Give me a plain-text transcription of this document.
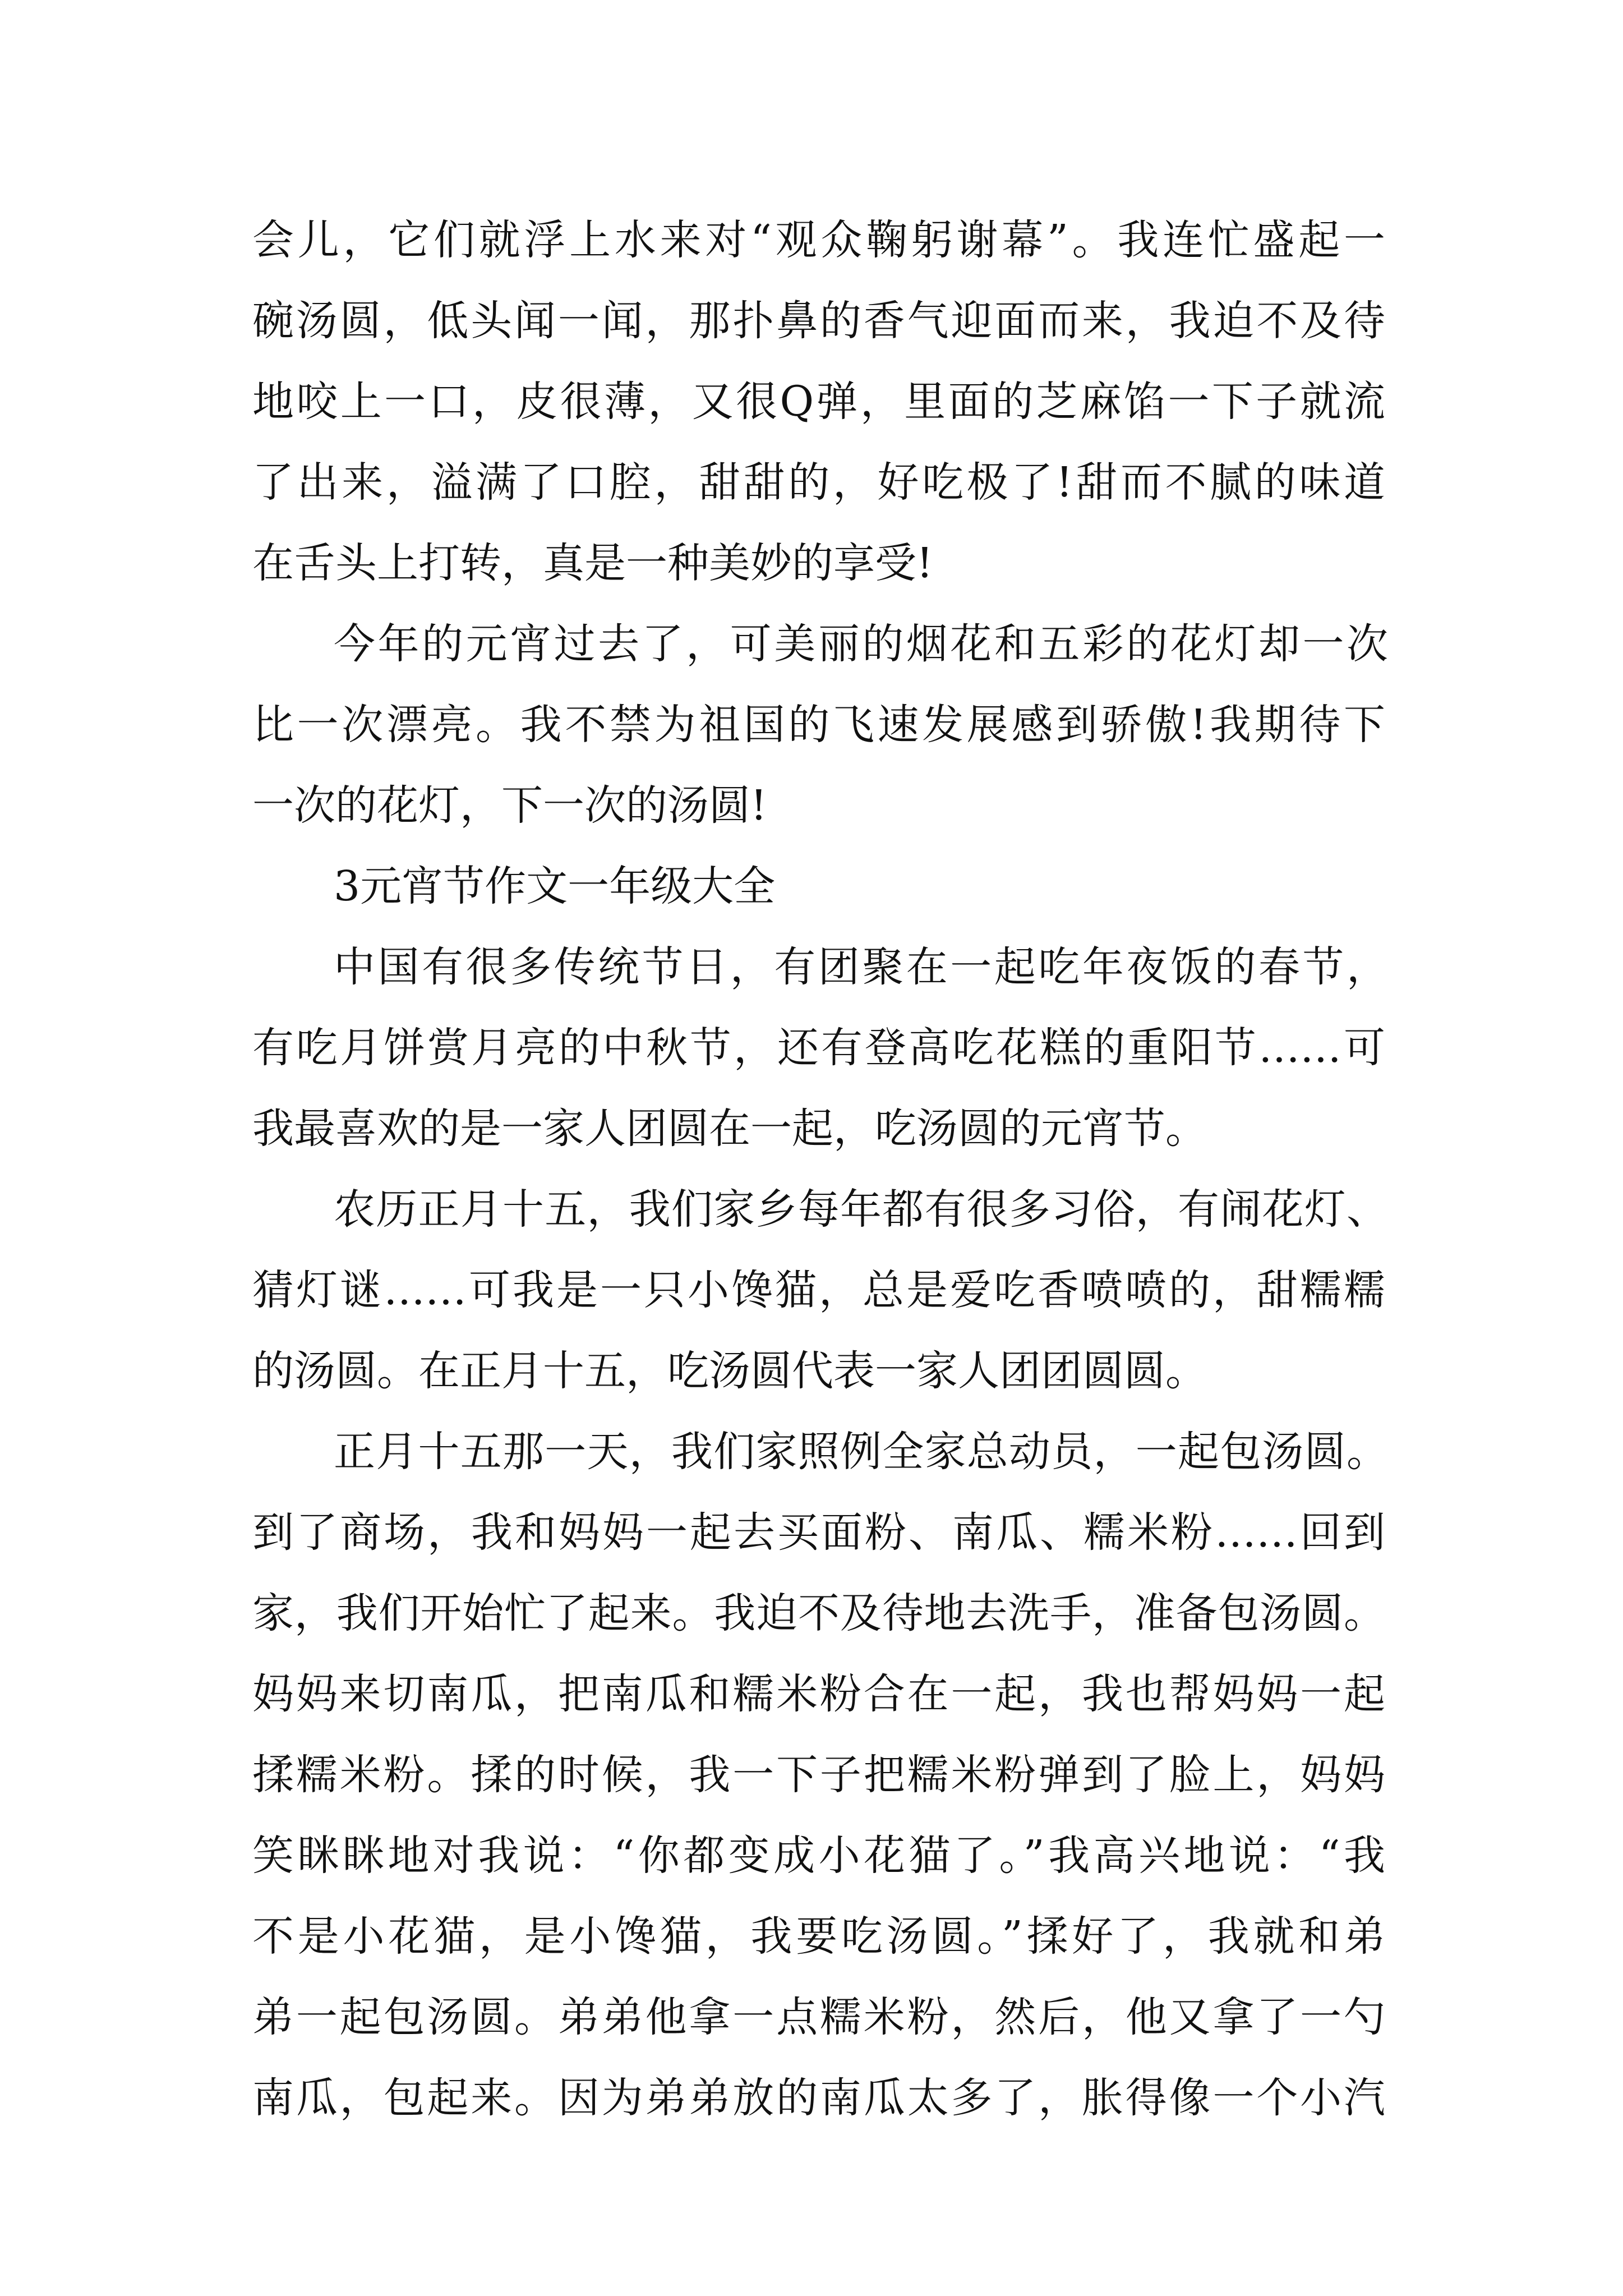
会儿，它们就浮上水来对“观众鞠躬谢幕”。我连忙盛起一
碗汤圆，低头闻一闻，那扑鼻的香气迎面而来，我迫不及待
地咬上一口，皮很薄，又很Q弹，里面的芝麻馅一下子就流
了出来，溢满了口腔，甜甜的，好吃极了!甜而不腻的味道
在舌头上打转，真是一种美妙的享受!
今年的元宵过去了，可美丽的烟花和五彩的花灯却一次
比一次漂亮。我不禁为祖国的飞速发展感到骄傲!我期待下
一次的花灯，下一次的汤圆!
3元宵节作文一年级大全
中国有很多传统节日，有团聚在一起吃年夜饭的春节，
有吃月饼赏月亮的中秋节，还有登高吃花糕的重阳节……可
我最喜欢的是一家人团圆在一起，吃汤圆的元宵节。
农历正月十五，我们家乡每年都有很多习俗，有闹花灯、
猜灯谜……可我是一只小馋猫，总是爱吃香喷喷的，甜糯糯
的汤圆。在正月十五，吃汤圆代表一家人团团圆圆。
正月十五那一天，我们家照例全家总动员，一起包汤圆。
到了商场，我和妈妈一起去买面粉、南瓜、糯米粉……回到
家，我们开始忙了起来。我迫不及待地去洗手，准备包汤圆。
妈妈来切南瓜，把南瓜和糯米粉合在一起，我也帮妈妈一起
揉糯米粉。揉的时候，我一下子把糯米粉弹到了脸上，妈妈
笑眯眯地对我说：“你都变成小花猫了。”我高兴地说：“我
不是小花猫，是小馋猫，我要吃汤圆。”揉好了，我就和弟
弟一起包汤圆。弟弟他拿一点糯米粉，然后，他又拿了一勺
南瓜，包起来。因为弟弟放的南瓜太多了，胀得像一个小汽
